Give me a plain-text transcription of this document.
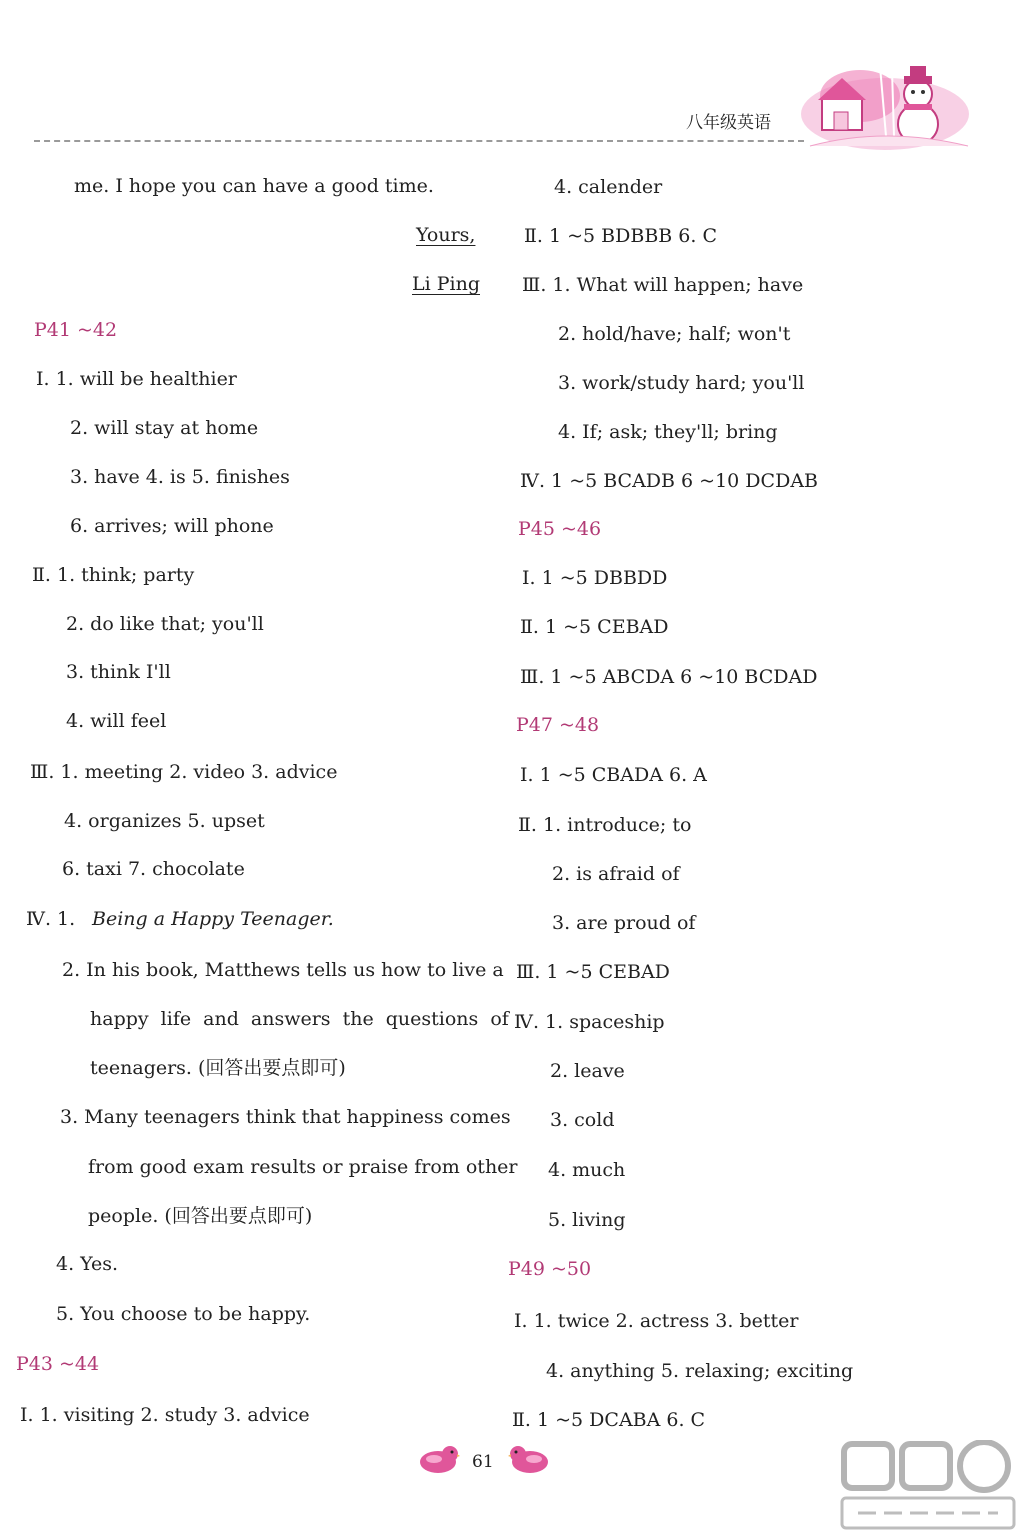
八年级英语
me. I hope you can have a good time.
Yours,
Li Ping
P41 ~42
Ⅰ. 1. will be healthier
2. will stay at home
3. have 4. is 5. finishes
6. arrives; will phone
Ⅱ. 1. think; party
2. do like that; you'll
3. think I'll
4. will feel
Ⅲ. 1. meeting 2. video 3. advice
4. organizes 5. upset
6. taxi 7. chocolate
Ⅳ. 1. Being a Happy Teenager.
2. In his book, Matthews tells us how to live a
happy life and answers the questions of
teenagers. (回答出要点即可)
3. Many teenagers think that happiness comes
from good exam results or praise from other
people. (回答出要点即可)
4. Yes.
5. You choose to be happy.
P43 ~44
Ⅰ. 1. visiting 2. study 3. advice
4. calender
Ⅱ. 1 ~5 BDBBB 6. C
Ⅲ. 1. What will happen; have
2. hold/have; half; won't
3. work/study hard; you'll
4. If; ask; they'll; bring
Ⅳ. 1 ~5 BCADB 6 ~10 DCDAB
P45 ~46
Ⅰ. 1 ~5 DBBDD
Ⅱ. 1 ~5 CEBAD
Ⅲ. 1 ~5 ABCDA 6 ~10 BCDAD
P47 ~48
Ⅰ. 1 ~5 CBADA 6. A
Ⅱ. 1. introduce; to
2. is afraid of
3. are proud of
Ⅲ. 1 ~5 CEBAD
Ⅳ. 1. spaceship
2. leave
3. cold
4. much
5. living
P49 ~50
Ⅰ. 1. twice 2. actress 3. better
4. anything 5. relaxing; exciting
Ⅱ. 1 ~5 DCABA 6. C
61
